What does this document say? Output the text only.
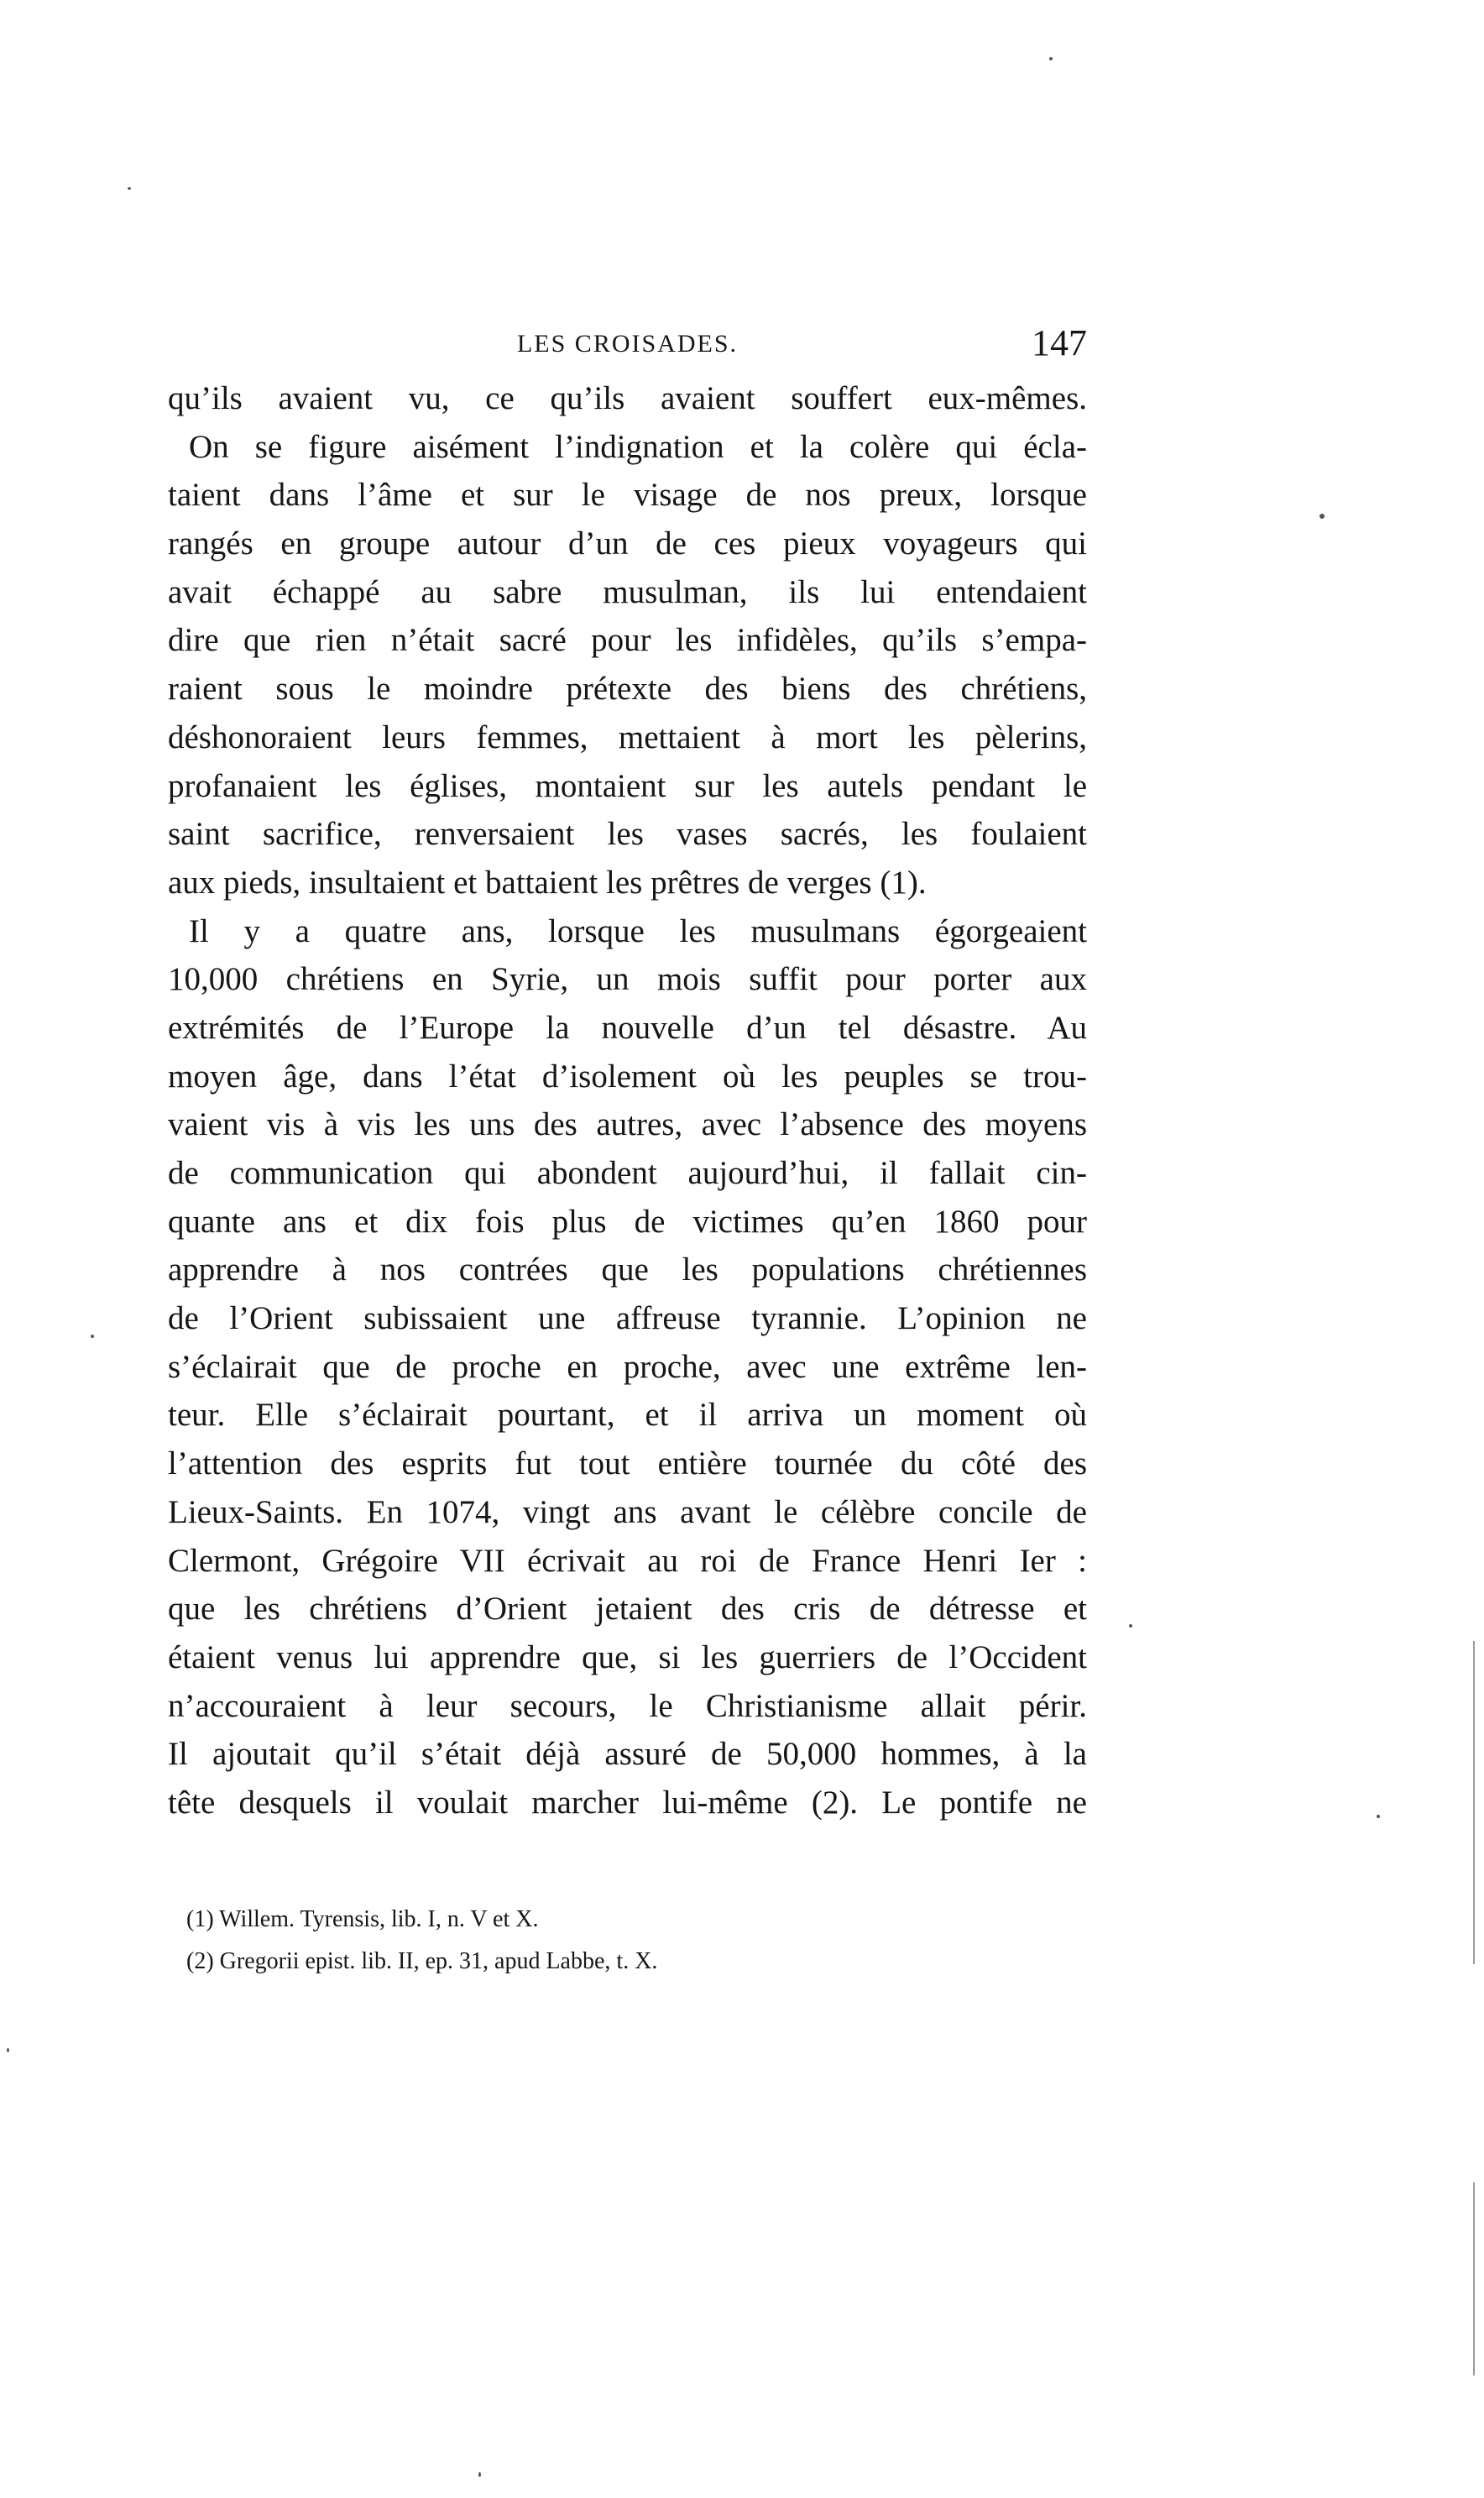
LES CROISADES.	147
qu’ils avaient vu, ce qu’ils avaient souffert eux-mêmes.
On se figure aisément l’indignation et la colère qui écla-
taient dans l’âme et sur le visage de nos preux, lorsque
rangés en groupe autour d’un de ces pieux voyageurs qui
avait échappé au sabre musulman, ils lui entendaient
dire que rien n’était sacré pour les infidèles, qu’ils s’empa-
raient sous le moindre prétexte des biens des chrétiens,
déshonoraient leurs femmes, mettaient à mort les pèlerins,
profanaient les églises, montaient sur les autels pendant le
saint sacrifice, renversaient les vases sacrés, les foulaient
aux pieds, insultaient et battaient les prêtres de verges (1).
Il y a quatre ans, lorsque les musulmans égorgeaient
10,000 chrétiens en Syrie, un mois suffit pour porter aux
extrémités de l’Europe la nouvelle d’un tel désastre. Au
moyen âge, dans l’état d’isolement où les peuples se trou-
vaient vis à vis les uns des autres, avec l’absence des moyens
de communication qui abondent aujourd’hui, il fallait cin-
quante ans et dix fois plus de victimes qu’en 1860 pour
apprendre à nos contrées que les populations chrétiennes
de l’Orient subissaient une affreuse tyrannie. L’opinion ne
s’éclairait que de proche en proche, avec une extrême len-
teur. Elle s’éclairait pourtant, et il arriva un moment où
l’attention des esprits fut tout entière tournée du côté des
Lieux-Saints. En 1074, vingt ans avant le célèbre concile de
Clermont, Grégoire VII écrivait au roi de France Henri Ier :
que les chrétiens d’Orient jetaient des cris de détresse et
étaient venus lui apprendre que, si les guerriers de l’Occident
n’accouraient à leur secours, le Christianisme allait périr.
Il ajoutait qu’il s’était déjà assuré de 50,000 hommes, à la
tête desquels il voulait marcher lui-même (2). Le pontife ne
(1) Willem. Tyrensis, lib. I, n. V et X.
(2) Gregorii epist. lib. II, ep. 31, apud Labbe, t. X.
